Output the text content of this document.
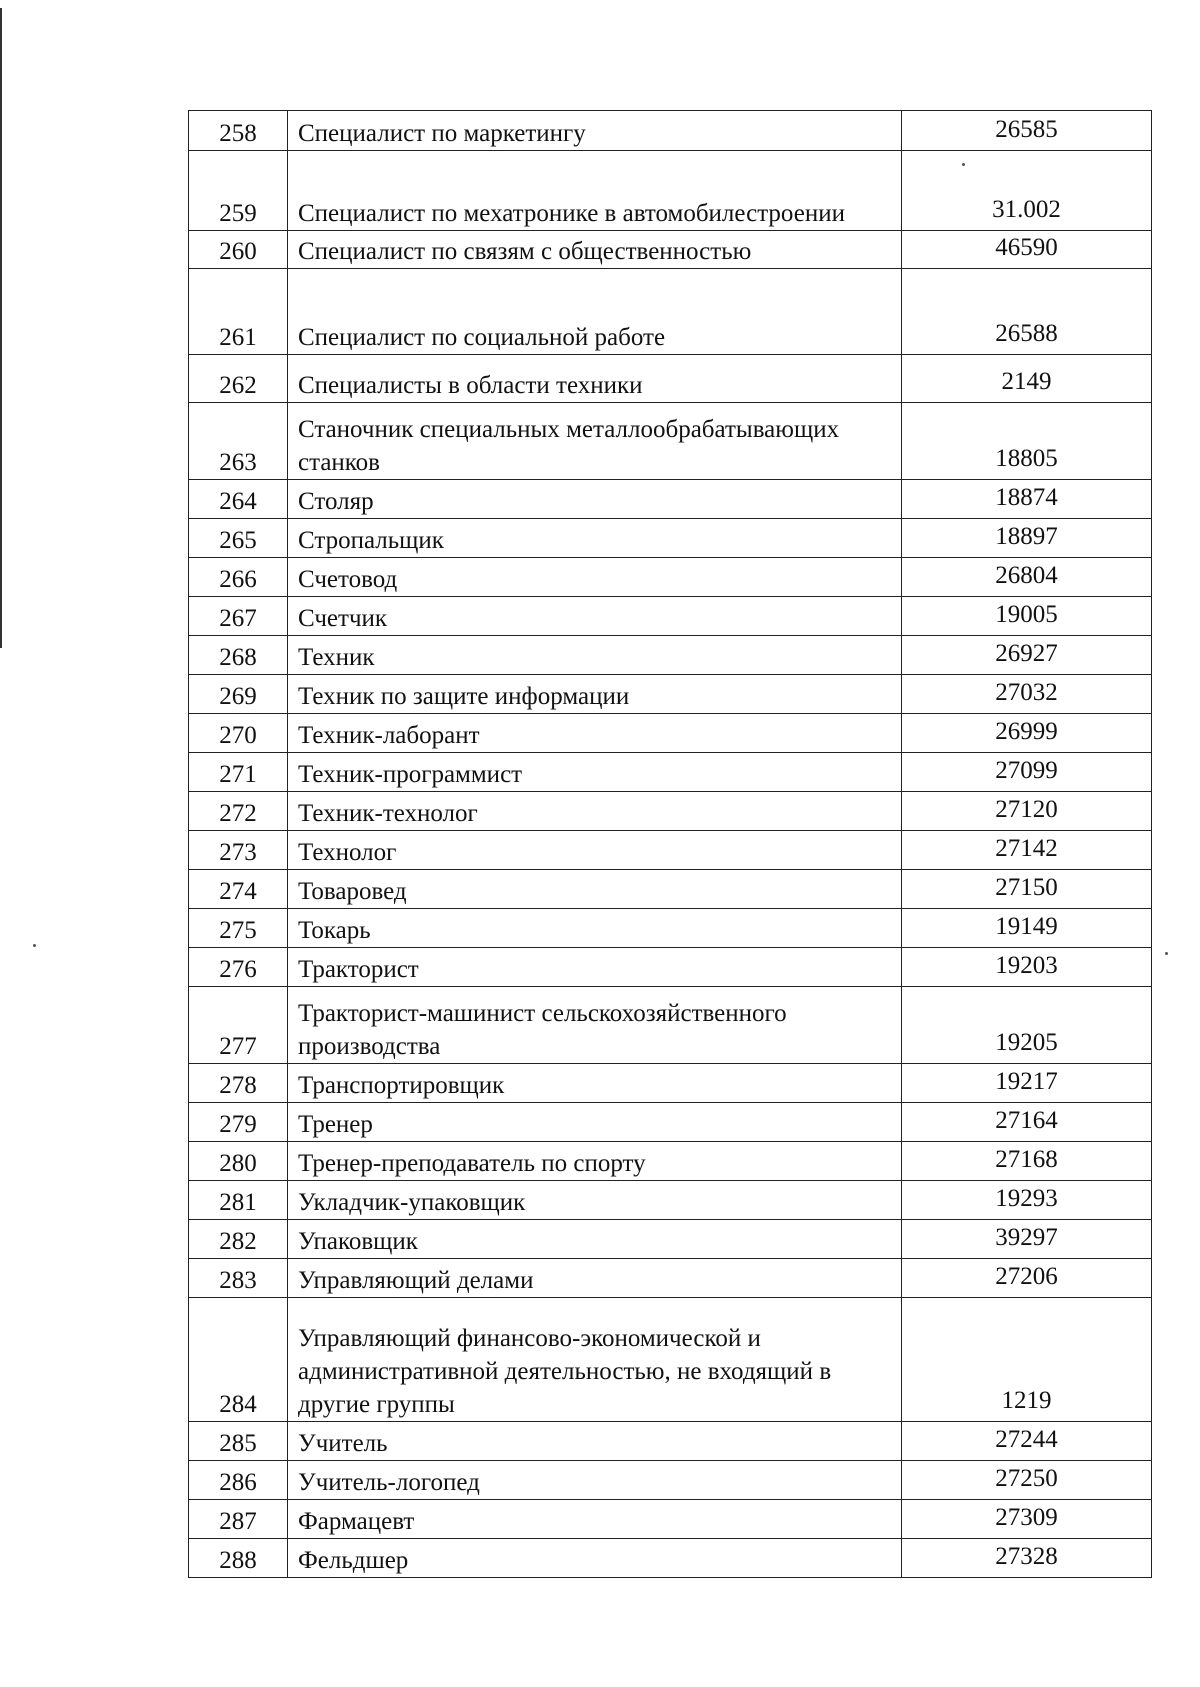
258	Специалист по маркетингу	26585
259	Специалист по мехатронике в автомобилестроении	31.002
260	Специалист по связям с общественностью	46590
261	Специалист по социальной работе	26588
262	Специалисты в области техники	2149
263	Станочник специальных металлообрабатывающих станков	18805
264	Столяр	18874
265	Стропальщик	18897
266	Счетовод	26804
267	Счетчик	19005
268	Техник	26927
269	Техник по защите информации	27032
270	Техник-лаборант	26999
271	Техник-программист	27099
272	Техник-технолог	27120
273	Технолог	27142
274	Товаровед	27150
275	Токарь	19149
276	Тракторист	19203
277	Тракторист-машинист сельскохозяйственного производства	19205
278	Транспортировщик	19217
279	Тренер	27164
280	Тренер-преподаватель по спорту	27168
281	Укладчик-упаковщик	19293
282	Упаковщик	39297
283	Управляющий делами	27206
284	Управляющий финансово-экономической и административной деятельностью, не входящий в другие группы	1219
285	Учитель	27244
286	Учитель-логопед	27250
287	Фармацевт	27309
288	Фельдшер	27328
